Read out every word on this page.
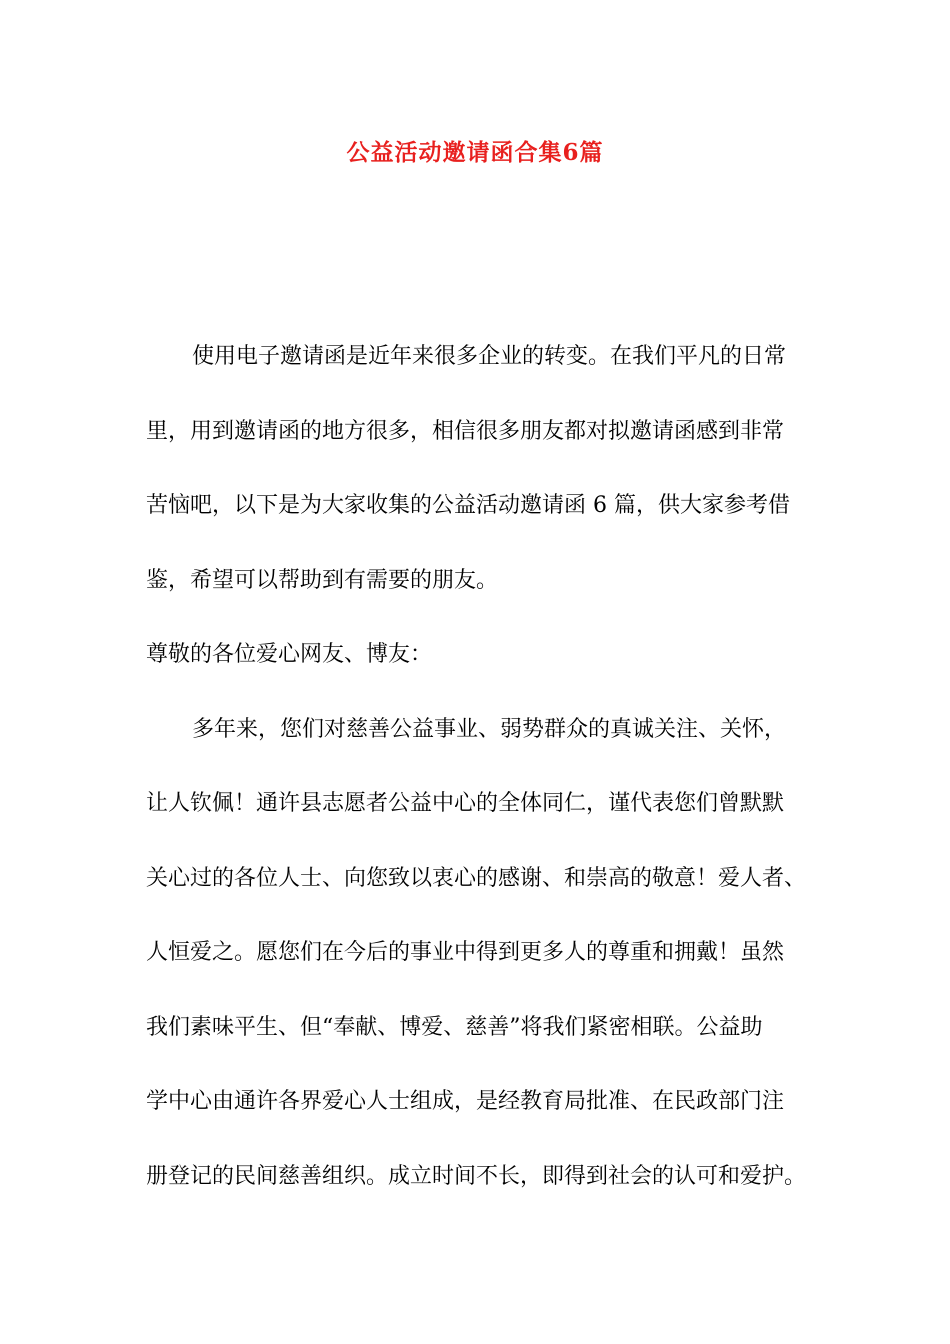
公益活动邀请函合集6篇
使用电子邀请函是近年来很多企业的转变。在我们平凡的日常
里，用到邀请函的地方很多，相信很多朋友都对拟邀请函感到非常
苦恼吧，以下是为大家收集的公益活动邀请函 6 篇，供大家参考借
鉴，希望可以帮助到有需要的朋友。
尊敬的各位爱心网友、博友：
多年来，您们对慈善公益事业、弱势群众的真诚关注、关怀，
让人钦佩！通许县志愿者公益中心的全体同仁，谨代表您们曾默默
关心过的各位人士、向您致以衷心的感谢、和崇高的敬意！爱人者、
人恒爱之。愿您们在今后的事业中得到更多人的尊重和拥戴！虽然
我们素味平生、但“奉献、博爱、慈善”将我们紧密相联。公益助
学中心由通许各界爱心人士组成，是经教育局批准、在民政部门注
册登记的民间慈善组织。成立时间不长，即得到社会的认可和爱护。
